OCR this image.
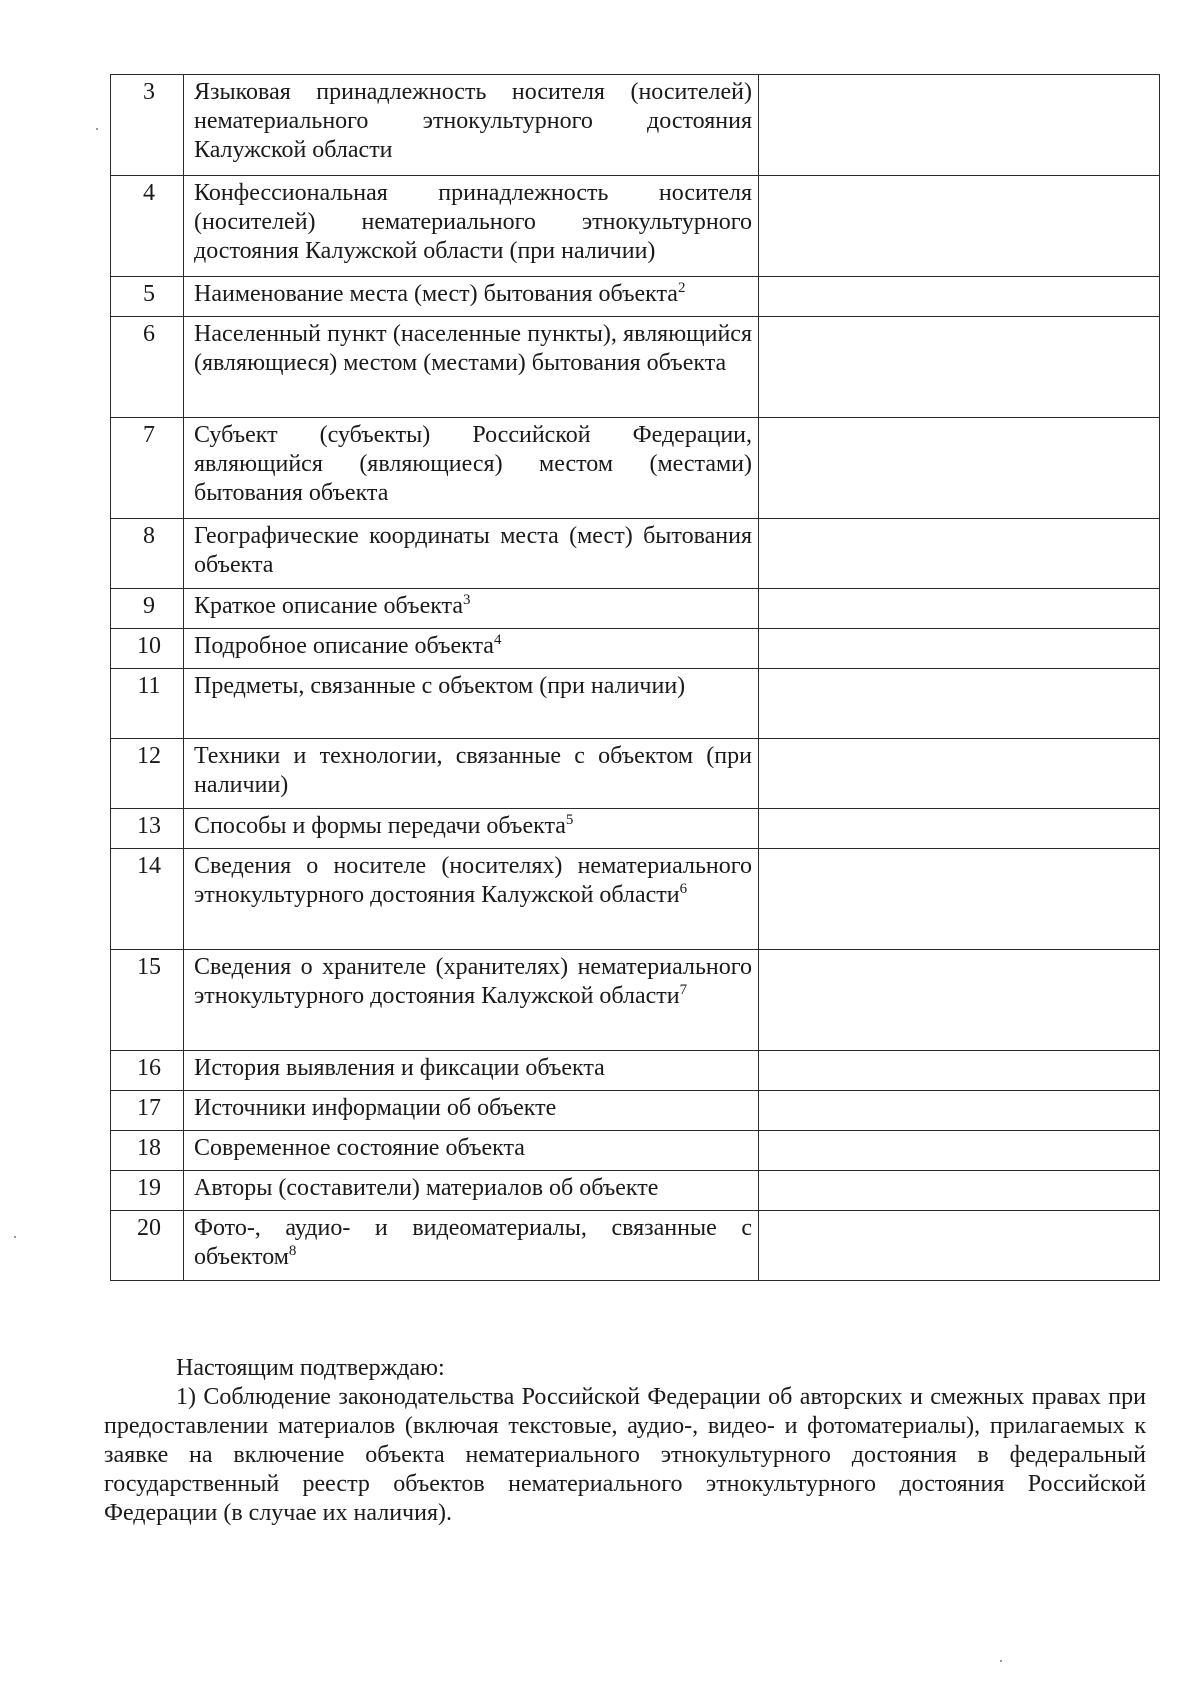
3	Языковая принадлежность носителя (носителей) нематериального этнокультурного достояния Калужской области	
4	Конфессиональная принадлежность носителя (носителей) нематериального этнокультурного достояния Калужской области (при наличии)	
5	Наименование места (мест) бытования объекта$^2$	
6	Населенный пункт (населенные пункты), являющийся (являющиеся) местом (местами) бытования объекта	
7	Субъект (субъекты) Российской Федерации, являющийся (являющиеся) местом (местами) бытования объекта	
8	Географические координаты места (мест) бытования объекта	
9	Краткое описание объекта$^3$	
10	Подробное описание объекта$^4$	
11	Предметы, связанные с объектом (при наличии)	
12	Техники и технологии, связанные с объектом (при наличии)	
13	Способы и формы передачи объекта$^5$	
14	Сведения о носителе (носителях) нематериального этнокультурного достояния Калужской области$^6$	
15	Сведения о хранителе (хранителях) нематериального этнокультурного достояния Калужской области$^7$	
16	История выявления и фиксации объекта	
17	Источники информации об объекте	
18	Современное состояние объекта	
19	Авторы (составители) материалов об объекте	
20	Фото-, аудио- и видеоматериалы, связанные с объектом$^8$	

Настоящим подтверждаю:

1) Соблюдение законодательства Российской Федерации об авторских и смежных правах при предоставлении материалов (включая текстовые, аудио-, видео- и фотоматериалы), прилагаемых к заявке на включение объекта нематериального этнокультурного достояния в федеральный государственный реестр объектов нематериального этнокультурного достояния Российской Федерации (в случае их наличия).
